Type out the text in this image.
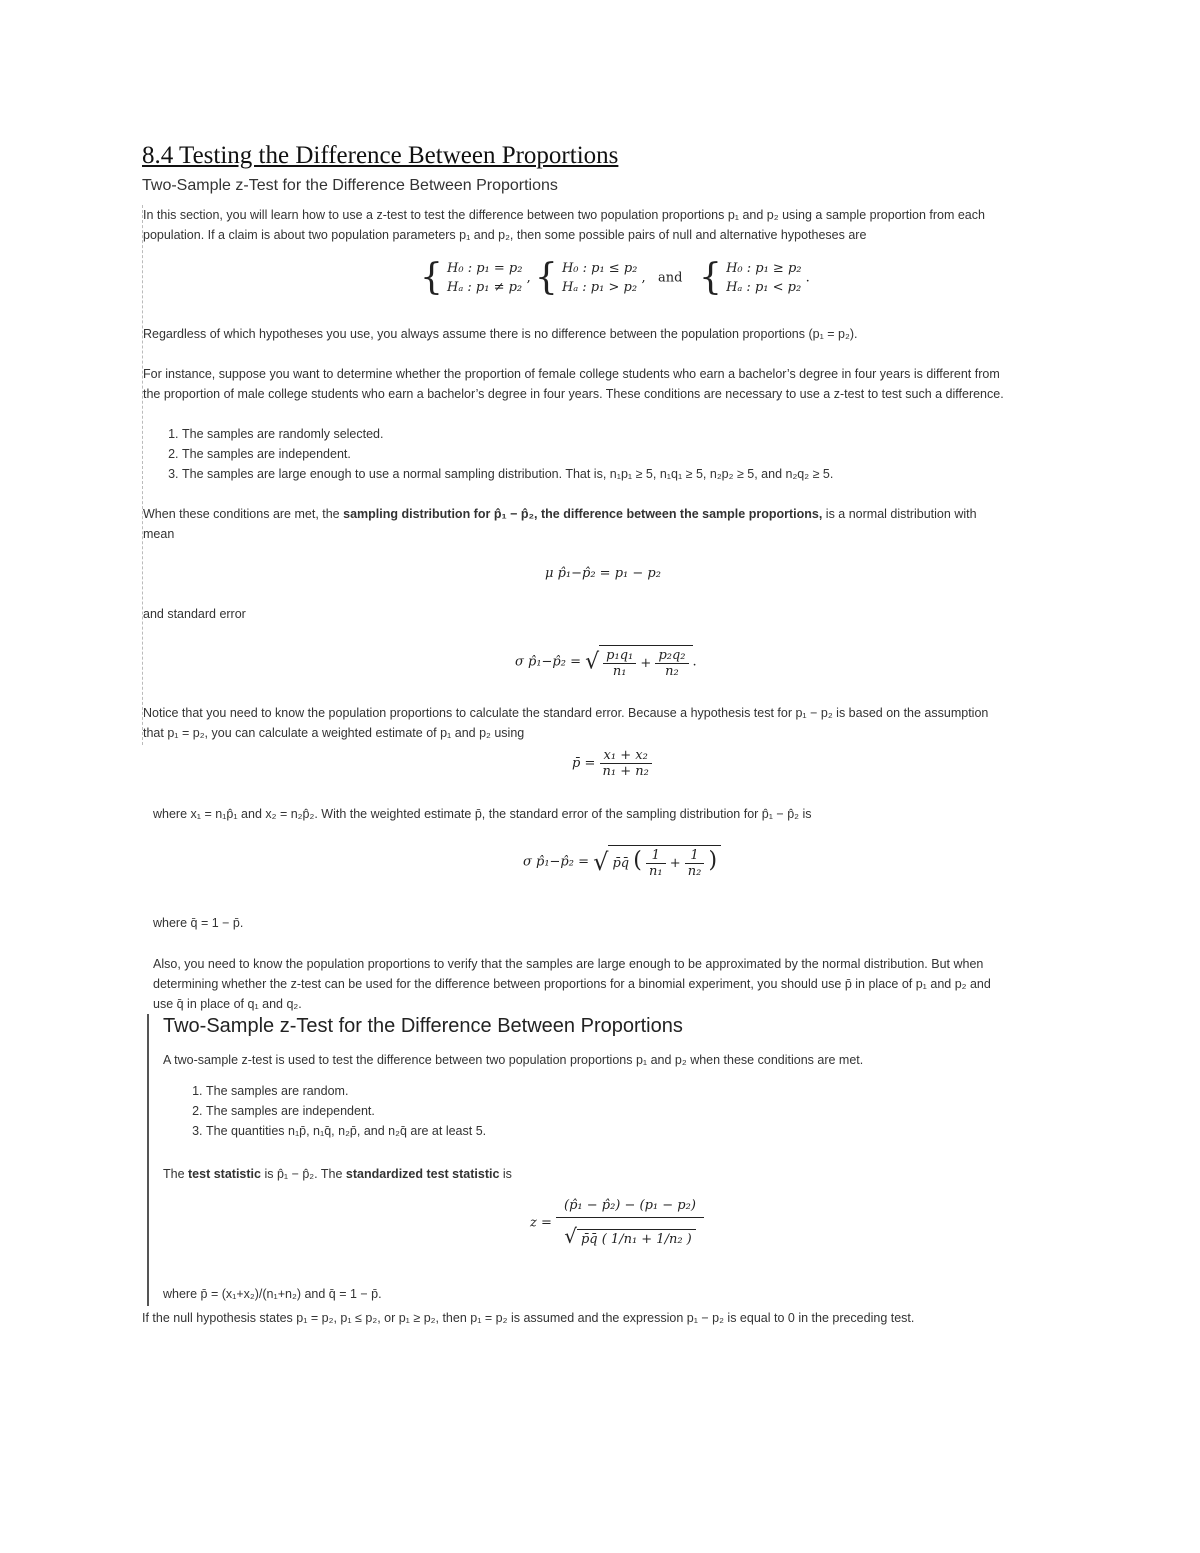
8.4 Testing the Difference Between Proportions
Two-Sample z-Test for the Difference Between Proportions
In this section, you will learn how to use a z-test to test the difference between two population proportions p₁ and p₂ using a sample proportion from each
population. If a claim is about two population parameters p₁ and p₂, then some possible pairs of null and alternative hypotheses are
{ H₀ : p₁ = p₂
Hₐ : p₁ ≠ p₂
, { H₀ : p₁ ≤ p₂
Hₐ : p₁ > p₂
,   and { H₀ : p₁ ≥ p₂
Hₐ : p₁ < p₂
.
Regardless of which hypotheses you use, you always assume there is no difference between the population proportions (p₁ = p₂).
For instance, suppose you want to determine whether the proportion of female college students who earn a bachelor’s degree in four years is different from
the proportion of male college students who earn a bachelor’s degree in four years. These conditions are necessary to use a z-test to test such a difference.
1. The samples are randomly selected.
2. The samples are independent.
3. The samples are large enough to use a normal sampling distribution. That is, n₁p₁ ≥ 5, n₁q₁ ≥ 5, n₂p₂ ≥ 5, and n₂q₂ ≥ 5.
When these conditions are met, the sampling distribution for p̂₁ − p̂₂, the difference between the sample proportions, is a normal distribution with
mean
μ p̂₁−p̂₂ = p₁ − p₂
and standard error
σ p̂₁−p̂₂ = √ $\frac{\text{p₁q₁}}{\text{n₁}} + \frac{\text{p₂q₂}}{\text{n₂}}$ .
Notice that you need to know the population proportions to calculate the standard error. Because a hypothesis test for p₁ − p₂ is based on the assumption
that p₁ = p₂, you can calculate a weighted estimate of p₁ and p₂ using
p̄ = $\frac{\text{x₁ + x₂}}{\text{n₁ + n₂}}$
where x₁ = n₁p̂₁ and x₂ = n₂p̂₂. With the weighted estimate p̄, the standard error of the sampling distribution for p̂₁ − p̂₂ is
σ p̂₁−p̂₂ = √ p̄q̄ ( $\frac{1}{\text{n₁}} + \frac{1}{\text{n₂}}$ )
where q̄ = 1 − p̄.
Also, you need to know the population proportions to verify that the samples are large enough to be approximated by the normal distribution. But when
determining whether the z-test can be used for the difference between proportions for a binomial experiment, you should use p̄ in place of p₁ and p₂ and
use q̄ in place of q₁ and q₂.
Two-Sample z-Test for the Difference Between Proportions
A two-sample z-test is used to test the difference between two population proportions p₁ and p₂ when these conditions are met.
1. The samples are random.
2. The samples are independent.
3. The quantities n₁p̄, n₁q̄, n₂p̄, and n₂q̄ are at least 5.
The test statistic is p̂₁ − p̂₂. The standardized test statistic is
$z = \frac{\text{(p̂₁ − p̂₂) − (p₁ − p₂)}}{\text{√ p̄q̄ ( 1/n₁ + 1/n₂ )}}$
where p̄ = (x₁+x₂)/(n₁+n₂) and q̄ = 1 − p̄.
If the null hypothesis states p₁ = p₂, p₁ ≤ p₂, or p₁ ≥ p₂, then p₁ = p₂ is assumed and the expression p₁ − p₂ is equal to 0 in the preceding test.
